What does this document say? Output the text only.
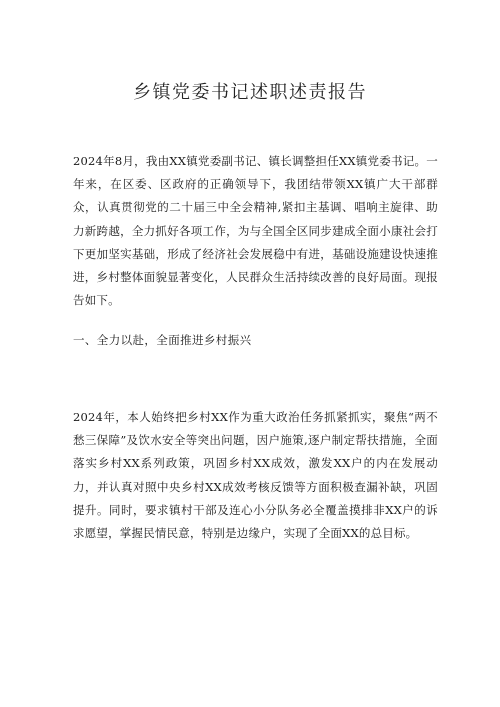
乡镇党委书记述职述责报告
2024年8月，我由XX镇党委副书记、镇长调整担任XX镇党委书记。一年来，在区委、区政府的正确领导下，我团结带领XX镇广大干部群众，认真贯彻党的二十届三中全会精神,紧扣主基调、唱响主旋律、助力新跨越，全力抓好各项工作，为与全国全区同步建成全面小康社会打下更加坚实基础，形成了经济社会发展稳中有进，基础设施建设快速推进，乡村整体面貌显著变化，人民群众生活持续改善的良好局面。现报告如下。
一、全力以赴，全面推进乡村振兴
2024年，本人始终把乡村XX作为重大政治任务抓紧抓实，聚焦“两不愁三保障”及饮水安全等突出问题，因户施策,逐户制定帮扶措施，全面落实乡村XX系列政策，巩固乡村XX成效，激发XX户的内在发展动力，并认真对照中央乡村XX成效考核反馈等方面积极查漏补缺，巩固提升。同时，要求镇村干部及连心小分队务必全覆盖摸排非XX户的诉求愿望，掌握民情民意，特别是边缘户，实现了全面XX的总目标。
